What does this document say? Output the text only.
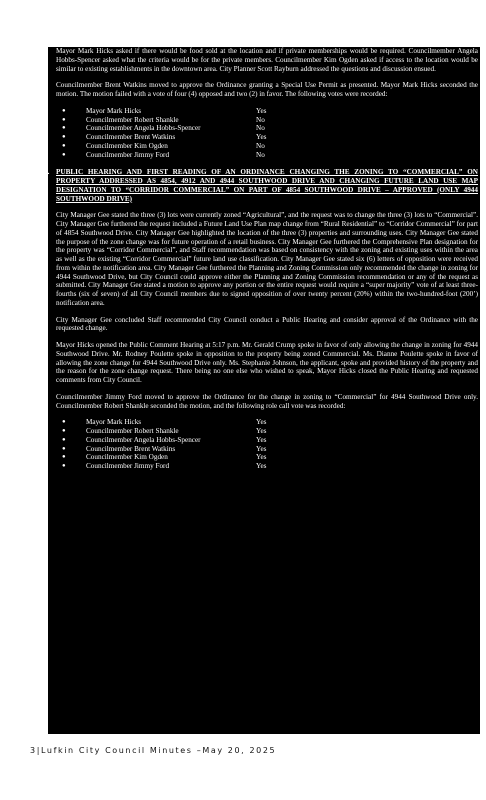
Mayor Mark Hicks asked if there would be food sold at the location and if private memberships would be required. Councilmember Angela Hobbs-Spencer asked what the criteria would be for the private members. Councilmember Kim Ogden asked if access to the location would be similar to existing establishments in the downtown area. City Planner Scott Rayburn addressed the questions and discussion ensued.

Councilmember Brent Watkins moved to approve the Ordinance granting a Special Use Permit as presented. Mayor Mark Hicks seconded the motion. The motion failed with a vote of four (4) opposed and two (2) in favor. The following votes were recorded:

●	Mayor Mark Hicks	Yes
●	Councilmember Robert Shankle	No
●	Councilmember Angela Hobbs-Spencer	No
●	Councilmember Brent Watkins	Yes
●	Councilmember Kim Ogden	No
●	Councilmember Jimmy Ford	No
8. PUBLIC HEARING AND FIRST READING OF AN ORDINANCE CHANGING THE ZONING TO “COMMERCIAL” ON PROPERTY ADDRESSED AS 4854, 4912 AND 4944 SOUTHWOOD DRIVE AND CHANGING FUTURE LAND USE MAP DESIGNATION TO “CORRIDOR COMMERCIAL” ON PART OF 4854 SOUTHWOOD DRIVE – APPROVED (ONLY 4944 SOUTHWOOD DRIVE)

City Manager Gee stated the three (3) lots were currently zoned “Agricultural”, and the request was to change the three (3) lots to “Commercial”. City Manager Gee furthered the request included a Future Land Use Plan map change from “Rural Residential” to “Corridor Commercial” for part of 4854 Southwood Drive. City Manager Gee highlighted the location of the three (3) properties and surrounding uses. City Manager Gee stated the purpose of the zone change was for future operation of a retail business. City Manager Gee furthered the Comprehensive Plan designation for the property was “Corridor Commercial”, and Staff recommendation was based on consistency with the zoning and existing uses within the area as well as the existing “Corridor Commercial” future land use classification. City Manager Gee stated six (6) letters of opposition were received from within the notification area. City Manager Gee furthered the Planning and Zoning Commission only recommended the change in zoning for 4944 Southwood Drive, but City Council could approve either the Planning and Zoning Commission recommendation or any of the request as submitted. City Manager Gee stated a motion to approve any portion or the entire request would require a “super majority” vote of at least three-fourths (six of seven) of all City Council members due to signed opposition of over twenty percent (20%) within the two-hundred-foot (200’) notification area.

City Manager Gee concluded Staff recommended City Council conduct a Public Hearing and consider approval of the Ordinance with the requested change.

Mayor Hicks opened the Public Comment Hearing at 5:17 p.m. Mr. Gerald Crump spoke in favor of only allowing the change in zoning for 4944 Southwood Drive. Mr. Rodney Poulette spoke in opposition to the property being zoned Commercial. Ms. Dianne Poulette spoke in favor of allowing the zone change for 4944 Southwood Drive only. Ms. Stephanie Johnson, the applicant, spoke and provided history of the property and the reason for the zone change request. There being no one else who wished to speak, Mayor Hicks closed the Public Hearing and requested comments from City Council.

Councilmember Jimmy Ford moved to approve the Ordinance for the change in zoning to “Commercial” for 4944 Southwood Drive only. Councilmember Robert Shankle seconded the motion, and the following role call vote was recorded:

●	Mayor Mark Hicks	Yes
●	Councilmember Robert Shankle	Yes
●	Councilmember Angela Hobbs-Spencer	Yes
●	Councilmember Brent Watkins	Yes
●	Councilmember Kim Ogden	Yes
●	Councilmember Jimmy Ford	Yes
3|Lufkin City Council Minutes –May 20, 2025
